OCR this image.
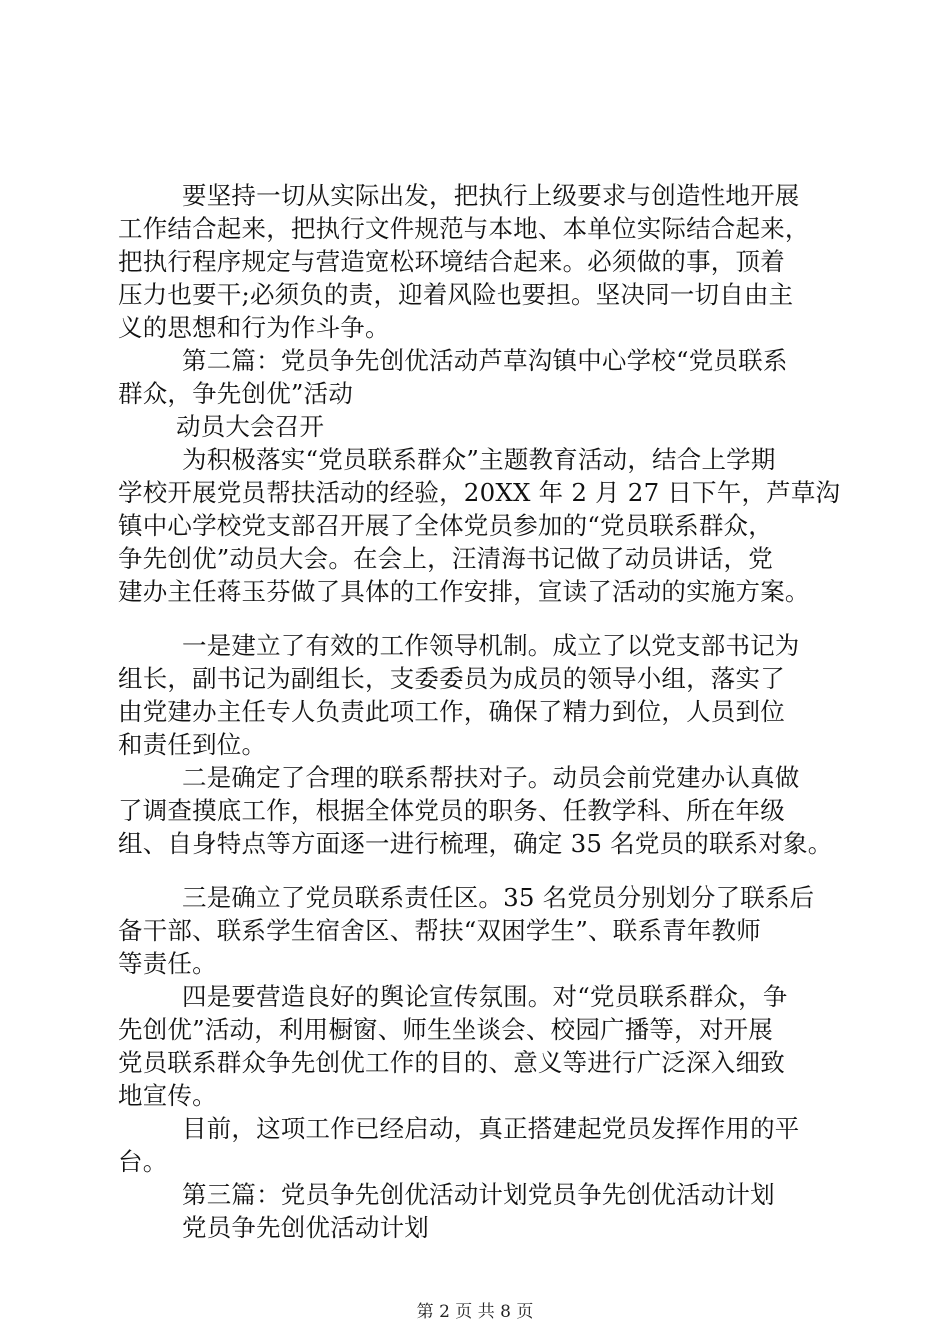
要坚持一切从实际出发，把执行上级要求与创造性地开展
工作结合起来，把执行文件规范与本地、本单位实际结合起来，
把执行程序规定与营造宽松环境结合起来。必须做的事，顶着
压力也要干;必须负的责，迎着风险也要担。坚决同一切自由主
义的思想和行为作斗争。
第二篇：党员争先创优活动芦草沟镇中心学校“党员联系
群众，争先创优”活动
动员大会召开
为积极落实“党员联系群众”主题教育活动，结合上学期
学校开展党员帮扶活动的经验，20XX 年 2 月 27 日下午，芦草沟
镇中心学校党支部召开展了全体党员参加的“党员联系群众，
争先创优”动员大会。在会上，汪清海书记做了动员讲话，党
建办主任蒋玉芬做了具体的工作安排，宣读了活动的实施方案。
一是建立了有效的工作领导机制。成立了以党支部书记为
组长，副书记为副组长，支委委员为成员的领导小组，落实了
由党建办主任专人负责此项工作，确保了精力到位，人员到位
和责任到位。
二是确定了合理的联系帮扶对子。动员会前党建办认真做
了调查摸底工作，根据全体党员的职务、任教学科、所在年级
组、自身特点等方面逐一进行梳理，确定 35 名党员的联系对象。
三是确立了党员联系责任区。35 名党员分别划分了联系后
备干部、联系学生宿舍区、帮扶“双困学生”、联系青年教师
等责任。
四是要营造良好的舆论宣传氛围。对“党员联系群众，争
先创优”活动，利用橱窗、师生坐谈会、校园广播等，对开展
党员联系群众争先创优工作的目的、意义等进行广泛深入细致
地宣传。
目前，这项工作已经启动，真正搭建起党员发挥作用的平
台。
第三篇：党员争先创优活动计划党员争先创优活动计划
党员争先创优活动计划
第 2 页 共 8 页
